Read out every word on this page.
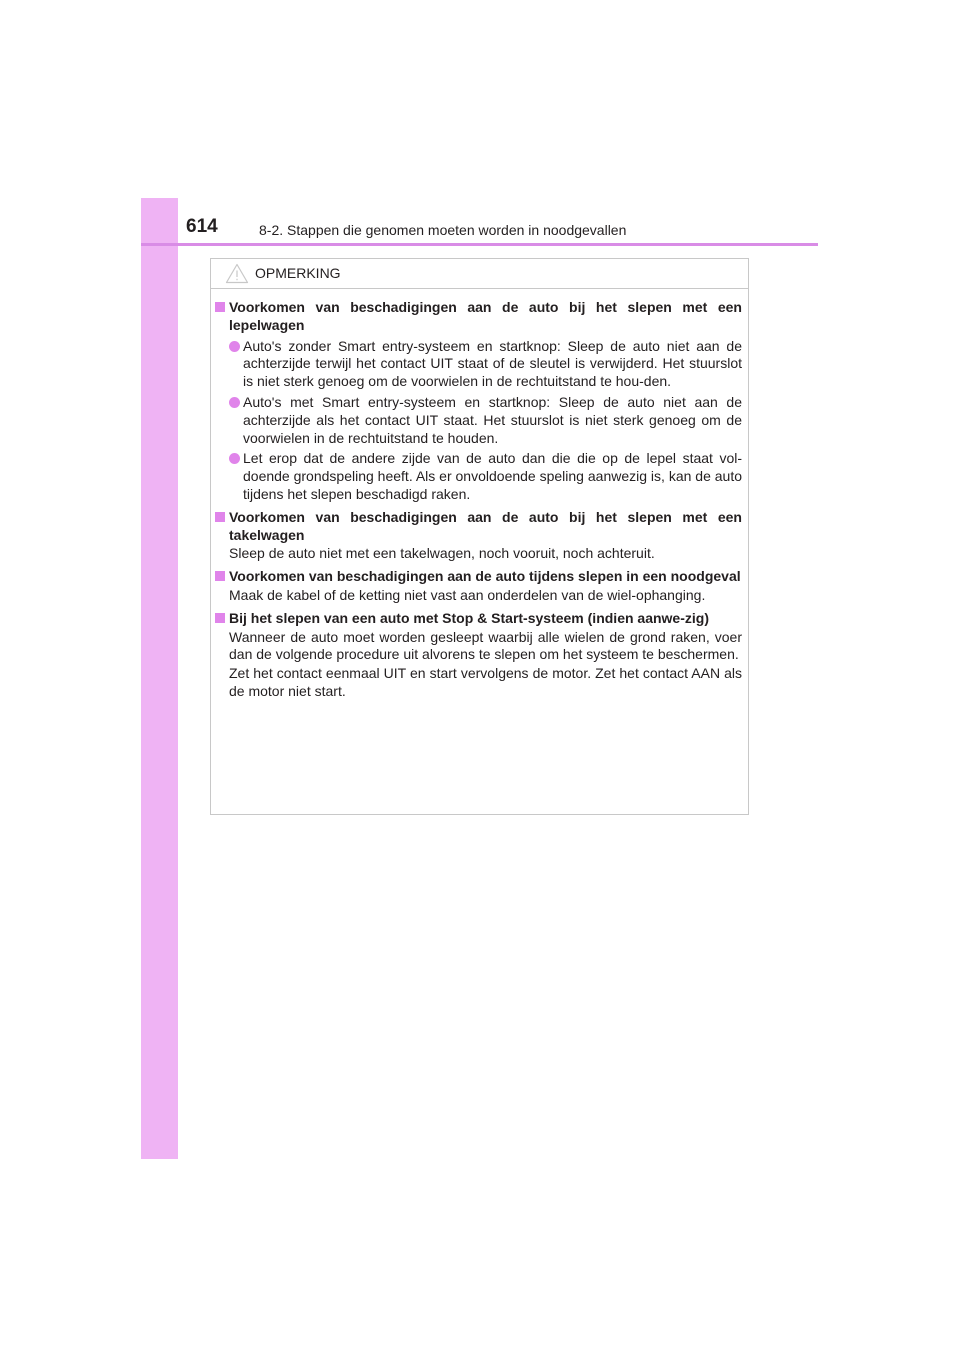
614	8-2. Stappen die genomen moeten worden in noodgevallen
OPMERKING
Voorkomen van beschadigingen aan de auto bij het slepen met een lepelwagen
Auto's zonder Smart entry-systeem en startknop: Sleep de auto niet aan de achterzijde terwijl het contact UIT staat of de sleutel is verwijderd. Het stuurslot is niet sterk genoeg om de voorwielen in de rechtuitstand te hou-den.
Auto's met Smart entry-systeem en startknop: Sleep de auto niet aan de achterzijde als het contact UIT staat. Het stuurslot is niet sterk genoeg om de voorwielen in de rechtuitstand te houden.
Let erop dat de andere zijde van de auto dan die die op de lepel staat vol-doende grondspeling heeft. Als er onvoldoende speling aanwezig is, kan de auto tijdens het slepen beschadigd raken.
Voorkomen van beschadigingen aan de auto bij het slepen met een takelwagen
Sleep de auto niet met een takelwagen, noch vooruit, noch achteruit.
Voorkomen van beschadigingen aan de auto tijdens slepen in een noodgeval
Maak de kabel of de ketting niet vast aan onderdelen van de wiel-ophanging.
Bij het slepen van een auto met Stop & Start-systeem (indien aanwe-zig)
Wanneer de auto moet worden gesleept waarbij alle wielen de grond raken, voer dan de volgende procedure uit alvorens te slepen om het systeem te beschermen.
Zet het contact eenmaal UIT en start vervolgens de motor. Zet het contact AAN als de motor niet start.
